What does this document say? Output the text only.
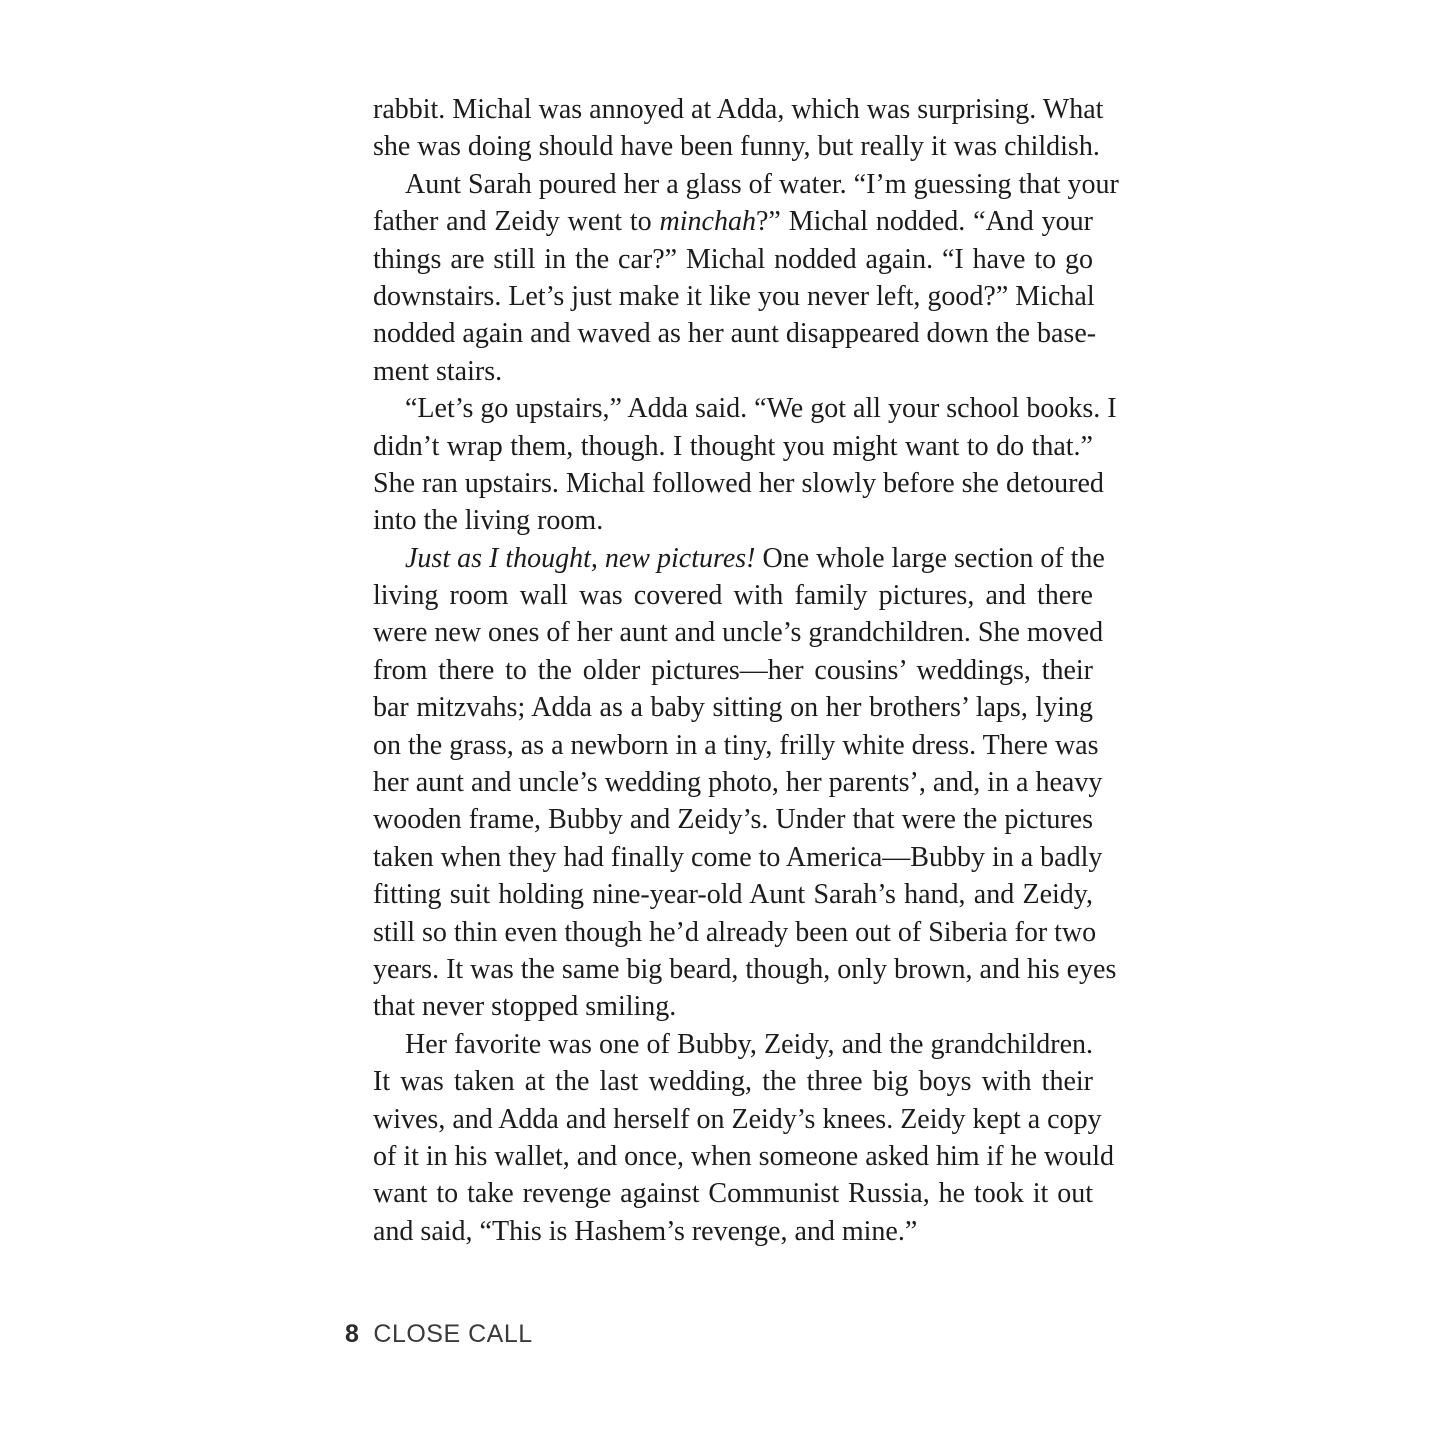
rabbit. Michal was annoyed at Adda, which was surprising. What
she was doing should have been funny, but really it was childish.
Aunt Sarah poured her a glass of water. “I’m guessing that your
father and Zeidy went to minchah?” Michal nodded. “And your
things are still in the car?” Michal nodded again. “I have to go
downstairs. Let’s just make it like you never left, good?” Michal
nodded again and waved as her aunt disappeared down the base-
ment stairs.
“Let’s go upstairs,” Adda said. “We got all your school books. I
didn’t wrap them, though. I thought you might want to do that.”
She ran upstairs. Michal followed her slowly before she detoured
into the living room.
Just as I thought, new pictures! One whole large section of the
living room wall was covered with family pictures, and there
were new ones of her aunt and uncle’s grandchildren. She moved
from there to the older pictures—her cousins’ weddings, their
bar mitzvahs; Adda as a baby sitting on her brothers’ laps, lying
on the grass, as a newborn in a tiny, frilly white dress. There was
her aunt and uncle’s wedding photo, her parents’, and, in a heavy
wooden frame, Bubby and Zeidy’s. Under that were the pictures
taken when they had finally come to America—Bubby in a badly
fitting suit holding nine-year-old Aunt Sarah’s hand, and Zeidy,
still so thin even though he’d already been out of Siberia for two
years. It was the same big beard, though, only brown, and his eyes
that never stopped smiling.
Her favorite was one of Bubby, Zeidy, and the grandchildren.
It was taken at the last wedding, the three big boys with their
wives, and Adda and herself on Zeidy’s knees. Zeidy kept a copy
of it in his wallet, and once, when someone asked him if he would
want to take revenge against Communist Russia, he took it out
and said, “This is Hashem’s revenge, and mine.”
8 CLOSE CALL
